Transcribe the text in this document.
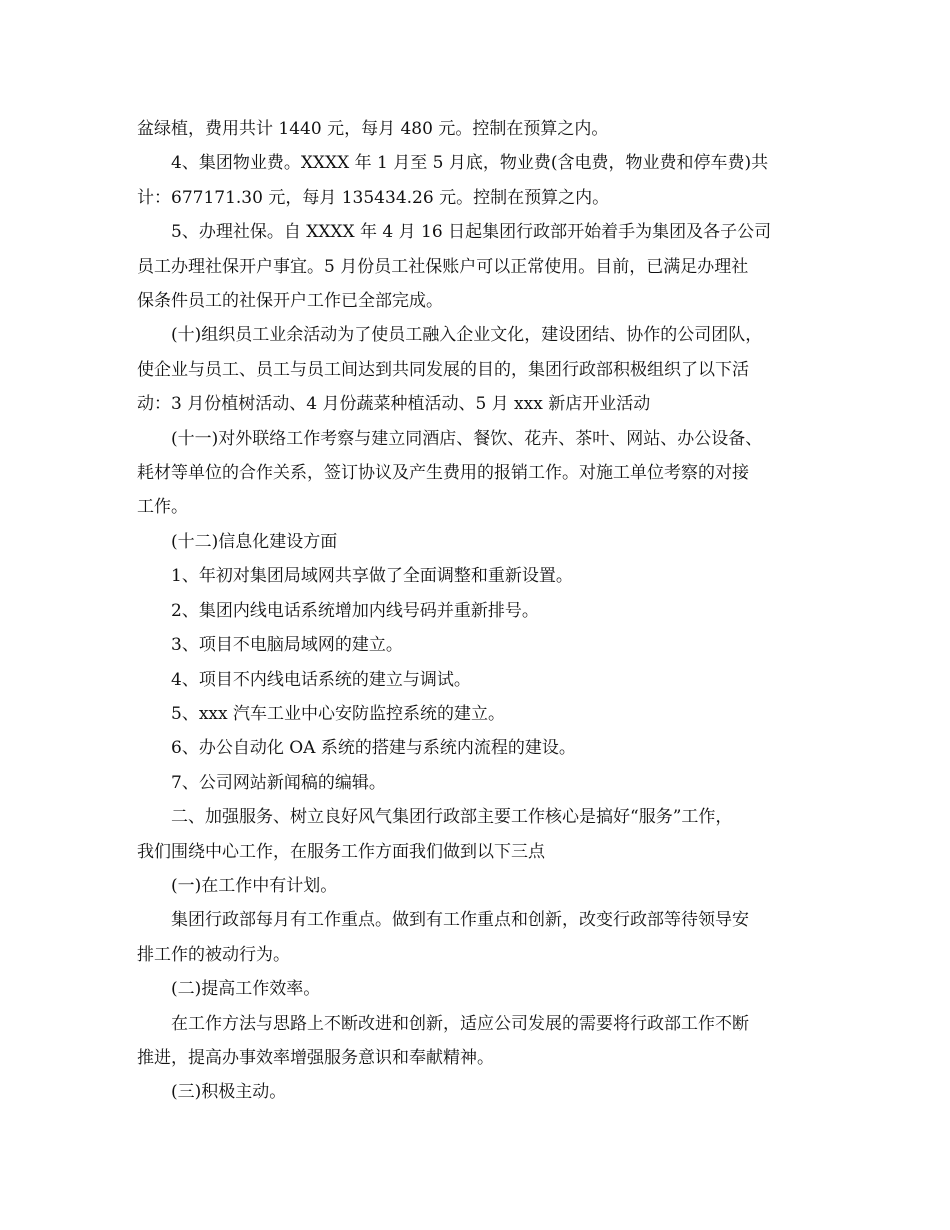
盆绿植，费用共计 1440 元，每月 480 元。控制在预算之内。

　　4、集团物业费。XXXX 年 1 月至 5 月底，物业费(含电费，物业费和停车费)共

计：677171.30 元，每月 135434.26 元。控制在预算之内。

　　5、办理社保。自 XXXX 年 4 月 16 日起集团行政部开始着手为集团及各子公司

员工办理社保开户事宜。5 月份员工社保账户可以正常使用。目前，已满足办理社

保条件员工的社保开户工作已全部完成。

　　(十)组织员工业余活动为了使员工融入企业文化，建设团结、协作的公司团队，

使企业与员工、员工与员工间达到共同发展的目的，集团行政部积极组织了以下活

动：3 月份植树活动、4 月份蔬菜种植活动、5 月 xxx 新店开业活动

　　(十一)对外联络工作考察与建立同酒店、餐饮、花卉、茶叶、网站、办公设备、

耗材等单位的合作关系，签订协议及产生费用的报销工作。对施工单位考察的对接

工作。

　　(十二)信息化建设方面

　　1、年初对集团局域网共享做了全面调整和重新设置。

　　2、集团内线电话系统增加内线号码并重新排号。

　　3、项目不电脑局域网的建立。

　　4、项目不内线电话系统的建立与调试。

　　5、xxx 汽车工业中心安防监控系统的建立。

　　6、办公自动化 OA 系统的搭建与系统内流程的建设。

　　7、公司网站新闻稿的编辑。

　　二、加强服务、树立良好风气集团行政部主要工作核心是搞好“服务”工作，

我们围绕中心工作，在服务工作方面我们做到以下三点

　　(一)在工作中有计划。

　　集团行政部每月有工作重点。做到有工作重点和创新，改变行政部等待领导安

排工作的被动行为。

　　(二)提高工作效率。

　　在工作方法与思路上不断改进和创新，适应公司发展的需要将行政部工作不断

推进，提高办事效率增强服务意识和奉献精神。

　　(三)积极主动。
